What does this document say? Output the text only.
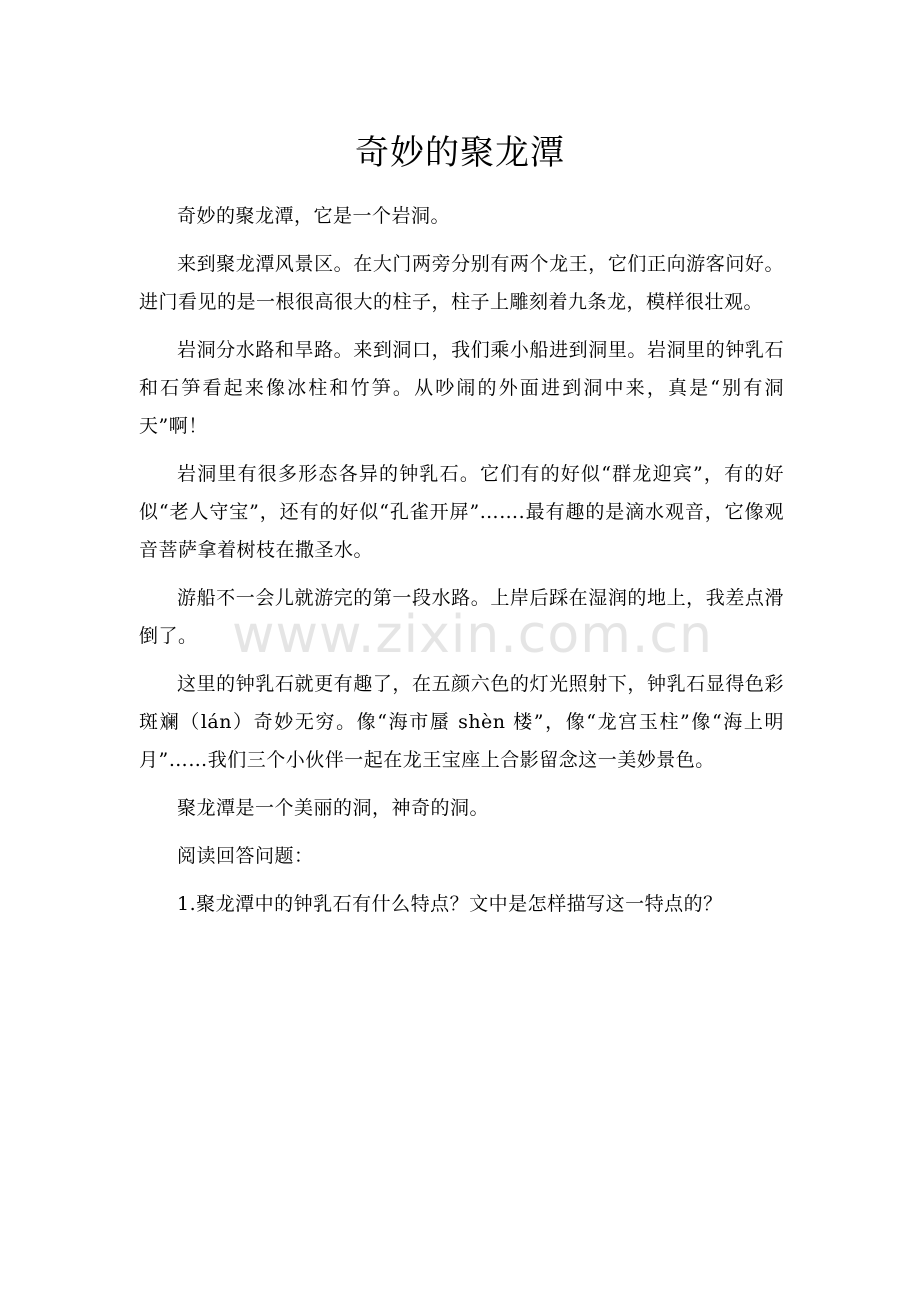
奇妙的聚龙潭

奇妙的聚龙潭，它是一个岩洞。

来到聚龙潭风景区。在大门两旁分别有两个龙王，它们正向游客问好。进门看见的是一根很高很大的柱子，柱子上雕刻着九条龙，模样很壮观。

岩洞分水路和旱路。来到洞口，我们乘小船进到洞里。岩洞里的钟乳石和石笋看起来像冰柱和竹笋。从吵闹的外面进到洞中来，真是“别有洞天”啊！

岩洞里有很多形态各异的钟乳石。它们有的好似“群龙迎宾”，有的好似“老人守宝”，还有的好似“孔雀开屏”…….最有趣的是滴水观音，它像观音菩萨拿着树枝在撒圣水。

游船不一会儿就游完的第一段水路。上岸后踩在湿润的地上，我差点滑倒了。

这里的钟乳石就更有趣了，在五颜六色的灯光照射下，钟乳石显得色彩斑斓（lán）奇妙无穷。像“海市蜃 shèn 楼”，像“龙宫玉柱”像“海上明月”……我们三个小伙伴一起在龙王宝座上合影留念这一美妙景色。

聚龙潭是一个美丽的洞，神奇的洞。

阅读回答问题：

1.聚龙潭中的钟乳石有什么特点？文中是怎样描写这一特点的？

www.zixin.com.cn
